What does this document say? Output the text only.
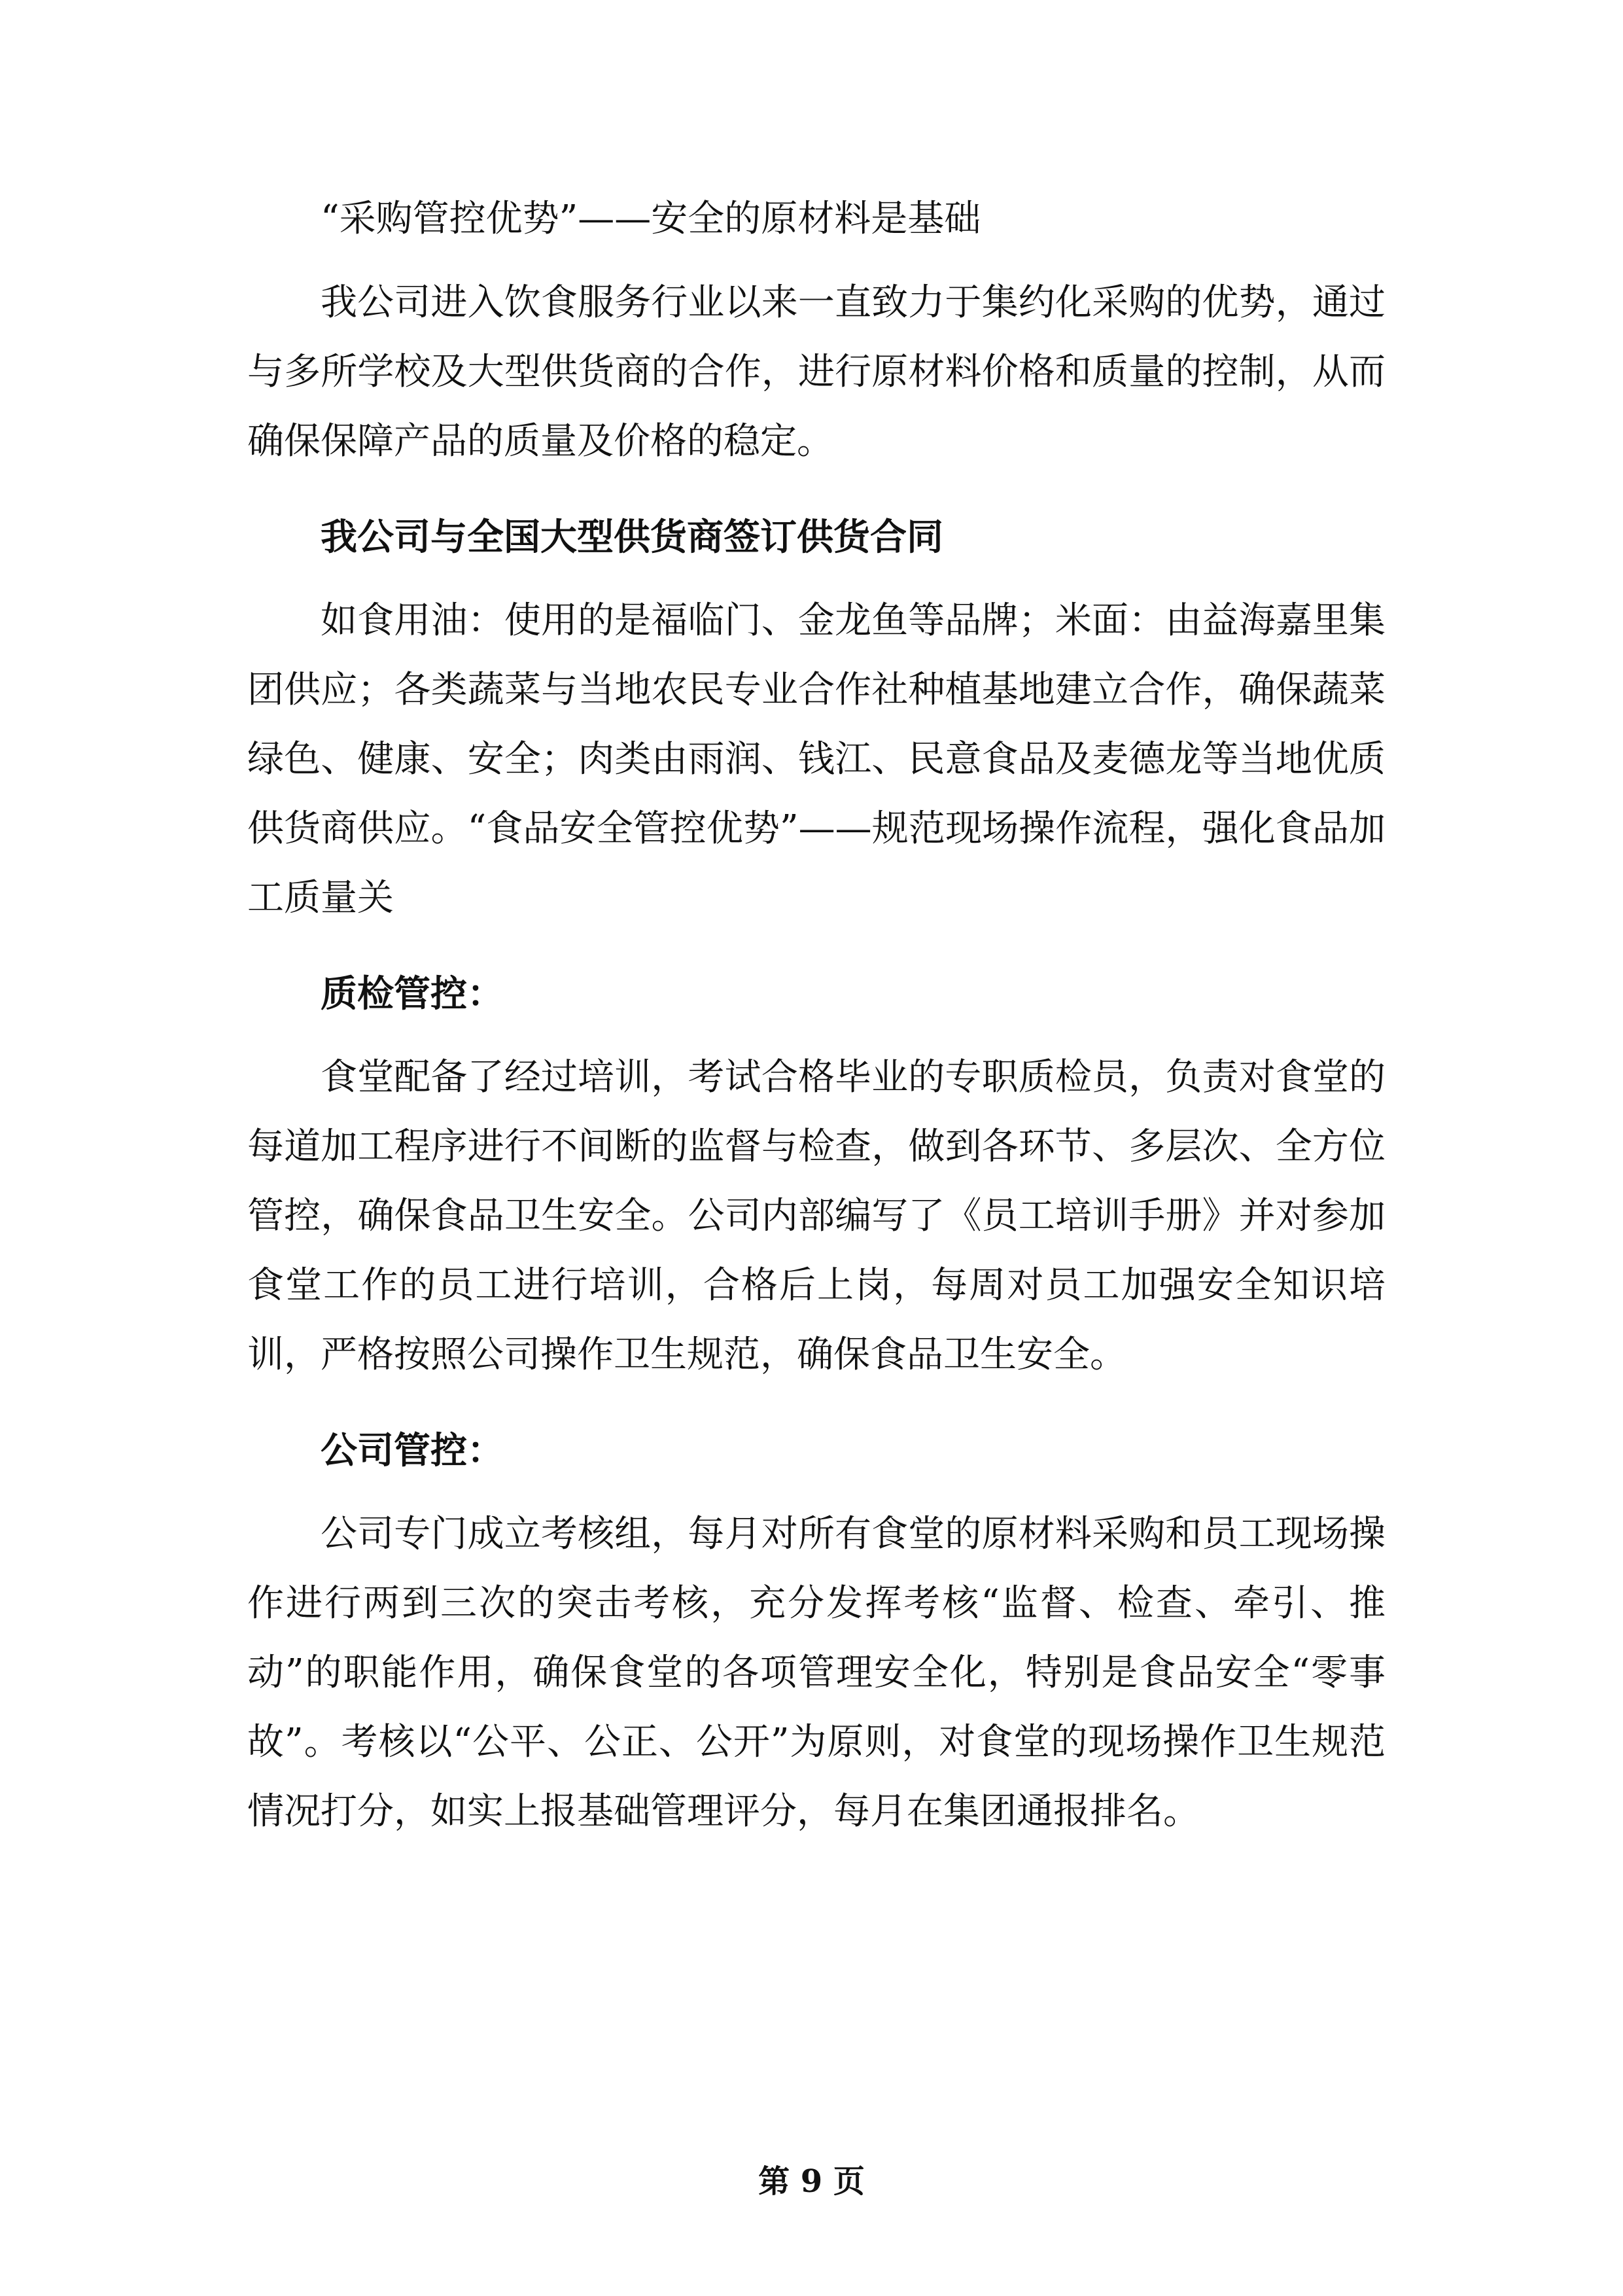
“采购管控优势”——安全的原材料是基础

我公司进入饮食服务行业以来一直致力于集约化采购的优势，通过与多所学校及大型供货商的合作，进行原材料价格和质量的控制，从而确保保障产品的质量及价格的稳定。

我公司与全国大型供货商签订供货合同

如食用油：使用的是福临门、金龙鱼等品牌；米面：由益海嘉里集团供应；各类蔬菜与当地农民专业合作社种植基地建立合作，确保蔬菜绿色、健康、安全；肉类由雨润、钱江、民意食品及麦德龙等当地优质供货商供应。“食品安全管控优势”——规范现场操作流程，强化食品加工质量关

质检管控：

食堂配备了经过培训，考试合格毕业的专职质检员，负责对食堂的每道加工程序进行不间断的监督与检查，做到各环节、多层次、全方位管控，确保食品卫生安全。公司内部编写了《员工培训手册》并对参加食堂工作的员工进行培训，合格后上岗，每周对员工加强安全知识培训，严格按照公司操作卫生规范，确保食品卫生安全。

公司管控：

公司专门成立考核组，每月对所有食堂的原材料采购和员工现场操作进行两到三次的突击考核，充分发挥考核“监督、检查、牵引、推动”的职能作用，确保食堂的各项管理安全化，特别是食品安全“零事故”。考核以“公平、公正、公开”为原则，对食堂的现场操作卫生规范情况打分，如实上报基础管理评分，每月在集团通报排名。

第 9 页
